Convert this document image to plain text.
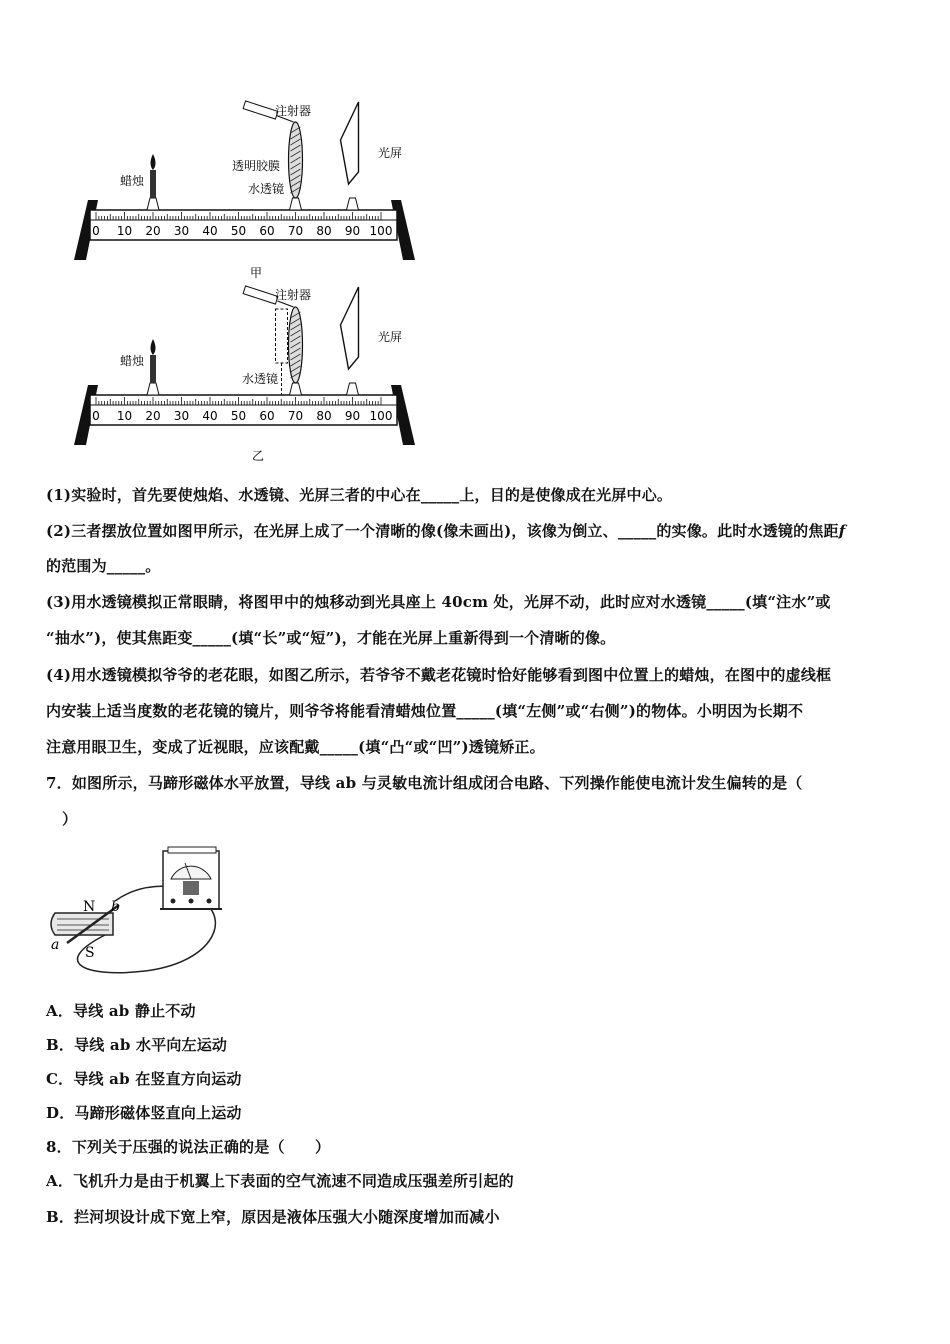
0 10 20 30 40 50 60 70 80 90 100
注射器
透明胶膜
蜡烛
水透镜
光屏
甲
0 10 20 30 40 50 60 70 80 90 100
注射器
蜡烛
水透镜
光屏
乙
(1)实验时，首先要使烛焰、水透镜、光屏三者的中心在_____上，目的是使像成在光屏中心。
(2)三者摆放位置如图甲所示，在光屏上成了一个清晰的像(像未画出)，该像为倒立、_____的实像。此时水透镜的焦距f
的范围为_____。
(3)用水透镜模拟正常眼睛，将图甲中的烛移动到光具座上 40cm 处，光屏不动，此时应对水透镜_____(填“注水”或
“抽水”)，使其焦距变_____(填“长”或“短”)，才能在光屏上重新得到一个清晰的像。
(4)用水透镜模拟爷爷的老花眼，如图乙所示，若爷爷不戴老花镜时恰好能够看到图中位置上的蜡烛，在图中的虚线框
内安装上适当度数的老花镜的镜片，则爷爷将能看清蜡烛位置_____(填“左侧”或“右侧”)的物体。小明因为长期不
注意用眼卫生，变成了近视眼，应该配戴_____(填“凸“或“凹”)透镜矫正。
7．如图所示，马蹄形磁体水平放置，导线 ab 与灵敏电流计组成闭合电路、下列操作能使电流计发生偏转的是（
）
N
S
a
b
A．导线 ab 静止不动
B．导线 ab 水平向左运动
C．导线 ab 在竖直方向运动
D．马蹄形磁体竖直向上运动
8．下列关于压强的说法正确的是（　　）
A．飞机升力是由于机翼上下表面的空气流速不同造成压强差所引起的
B．拦河坝设计成下宽上窄，原因是液体压强大小随深度增加而减小
